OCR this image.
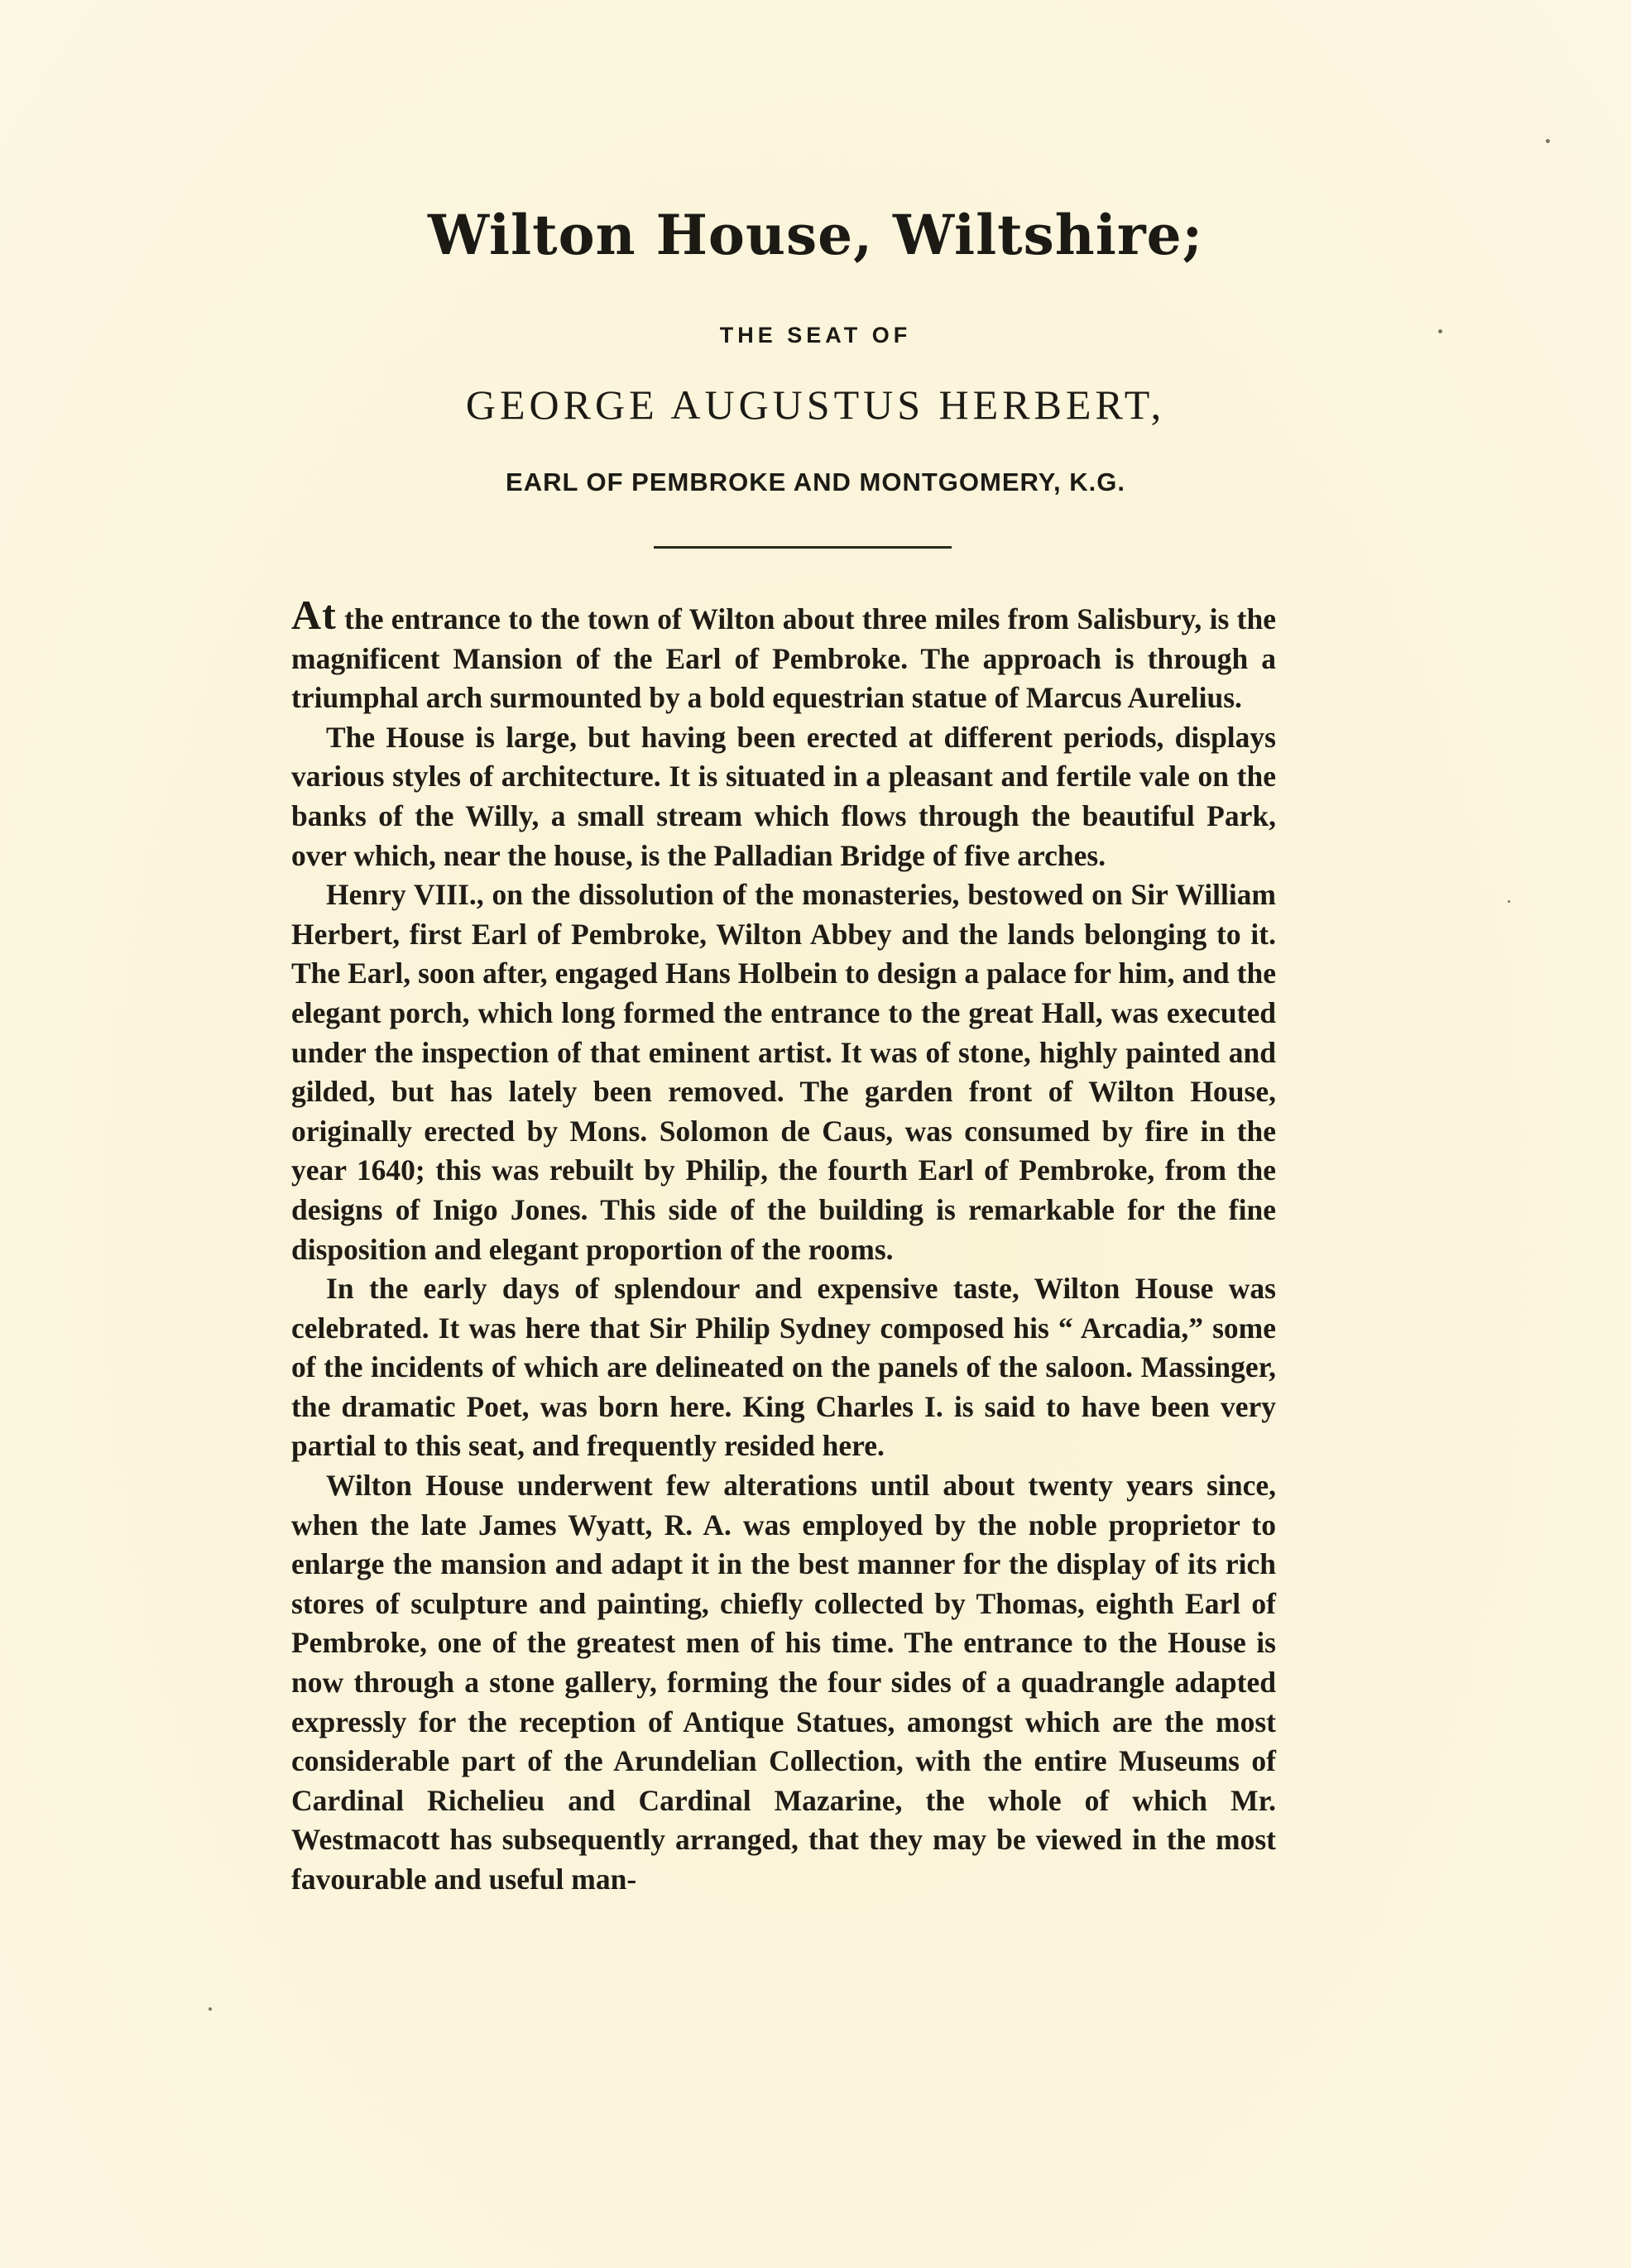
Wilton House, Wiltshire;
THE SEAT OF
GEORGE AUGUSTUS HERBERT,
EARL OF PEMBROKE AND MONTGOMERY, K.G.

At the entrance to the town of Wilton about three miles from Salisbury, is the magnificent Mansion of the Earl of Pembroke. The approach is through a triumphal arch surmounted by a bold equestrian statue of Marcus Aurelius.

The House is large, but having been erected at different periods, displays various styles of architecture. It is situated in a pleasant and fertile vale on the banks of the Willy, a small stream which flows through the beautiful Park, over which, near the house, is the Palladian Bridge of five arches.

Henry VIII., on the dissolution of the monasteries, bestowed on Sir William Herbert, first Earl of Pembroke, Wilton Abbey and the lands belonging to it. The Earl, soon after, engaged Hans Holbein to design a palace for him, and the elegant porch, which long formed the entrance to the great Hall, was executed under the inspection of that eminent artist. It was of stone, highly painted and gilded, but has lately been removed. The garden front of Wilton House, originally erected by Mons. Solomon de Caus, was consumed by fire in the year 1640; this was rebuilt by Philip, the fourth Earl of Pembroke, from the designs of Inigo Jones. This side of the building is remarkable for the fine disposition and elegant proportion of the rooms.

In the early days of splendour and expensive taste, Wilton House was celebrated. It was here that Sir Philip Sydney composed his “ Arcadia,” some of the incidents of which are delineated on the panels of the saloon. Massinger, the dramatic Poet, was born here. King Charles I. is said to have been very partial to this seat, and frequently resided here.

Wilton House underwent few alterations until about twenty years since, when the late James Wyatt, R. A. was employed by the noble proprietor to enlarge the mansion and adapt it in the best manner for the display of its rich stores of sculpture and painting, chiefly collected by Thomas, eighth Earl of Pembroke, one of the greatest men of his time. The entrance to the House is now through a stone gallery, forming the four sides of a quadrangle adapted expressly for the reception of Antique Statues, amongst which are the most considerable part of the Arundelian Collection, with the entire Museums of Cardinal Richelieu and Cardinal Mazarine, the whole of which Mr. Westmacott has subsequently arranged, that they may be viewed in the most favourable and useful man-
